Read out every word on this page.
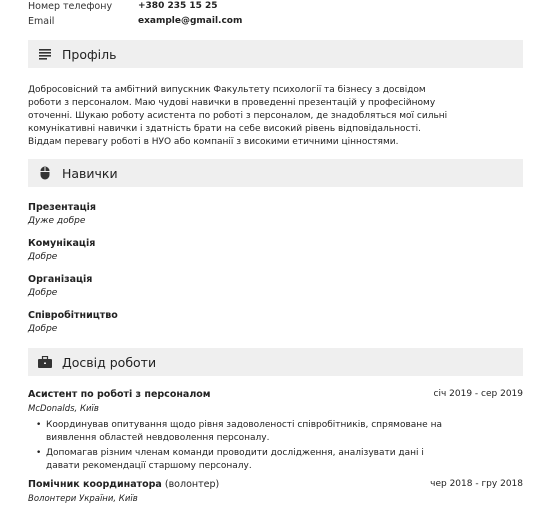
Номер телефону	+380 235 15 25
Email	example@gmail.com
Профіль
Добросовісний та амбітний випускник Факультету психології та бізнесу з досвідом роботи з персоналом. Маю чудові навички в проведенні презентацій у професійному оточенні. Шукаю роботу асистента по роботі з персоналом, де знадобляться мої сильні комунікативні навички і здатність брати на себе високий рівень відповідальності. Віддам перевагу роботі в НУО або компанії з високими етичними цінностями.
Навички
Презентація
Дуже добре
Комунікація
Добре
Організація
Добре
Співробітництво
Добре
Досвід роботи
Асистент по роботі з персоналом	січ 2019 - сер 2019
McDonalds, Київ
• Координував опитування щодо рівня задоволеності співробітників, спрямоване на виявлення областей невдоволення персоналу.
• Допомагав різним членам команди проводити дослідження, аналізувати дані і давати рекомендації старшому персоналу.
Помічник координатора (волонтер)	чер 2018 - гру 2018
Волонтери України, Київ
